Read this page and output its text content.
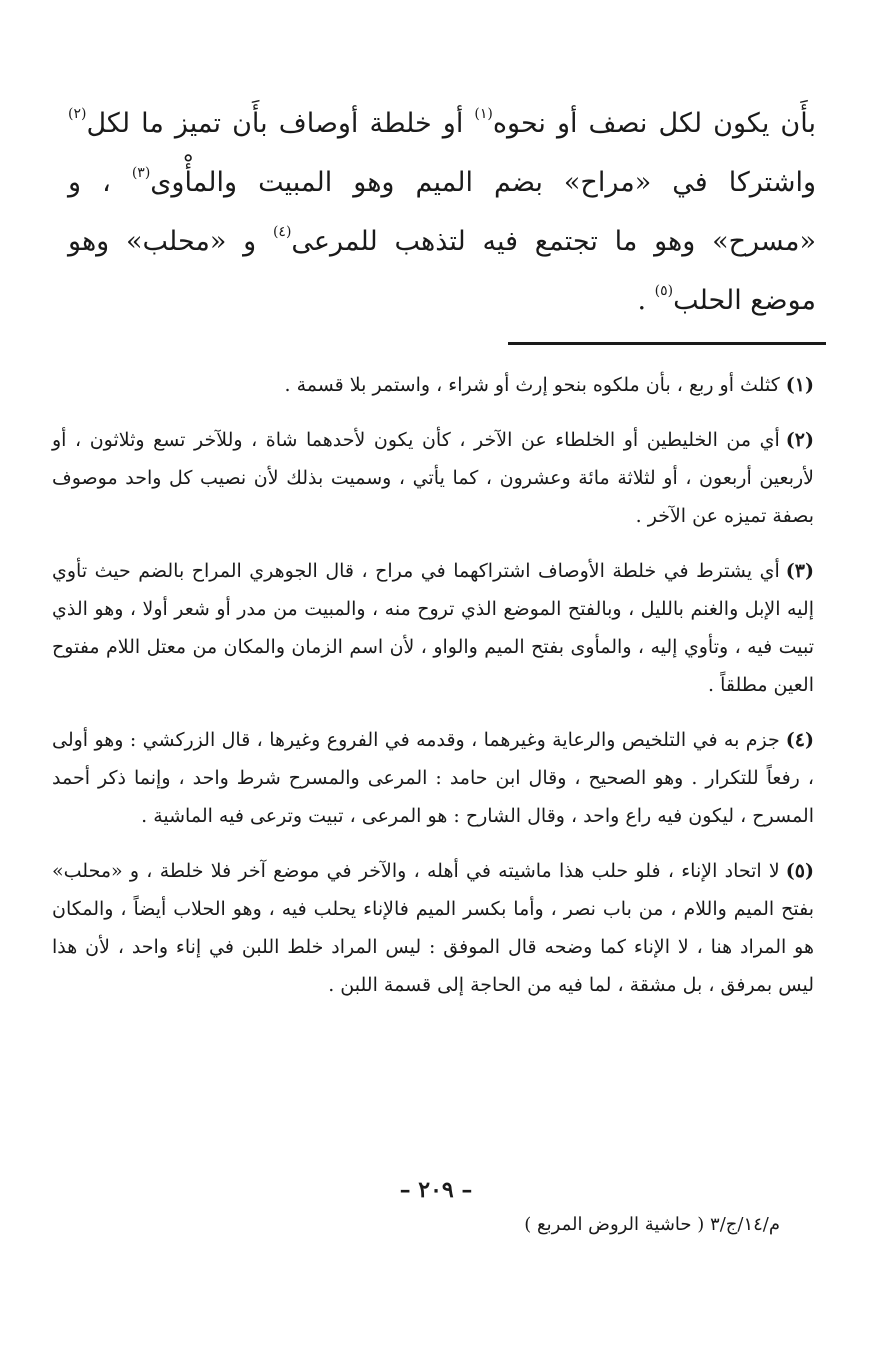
بأَن يكون لكل نصف أو نحوه$^{(١)}$ أو خلطة أوصاف بأَن تميز ما لكل$^{(٢)}$ واشتركا في «مراح» بضم الميم وهو المبيت والمأْوى$^{(٣)}$ ، و «مسرح» وهو ما تجتمع فيه لتذهب للمرعى$^{(٤)}$ و «محلب» وهو موضع الحلب$^{(٥)}$ .

(١)كثلث أو ربع ، بأن ملكوه بنحو إرث أو شراء ، واستمر بلا قسمة .

(٢)أي من الخليطين أو الخلطاء عن الآخر ، كأن يكون لأحدهما شاة ، وللآخر تسع وثلاثون ، أو لأربعين أربعون ، أو لثلاثة مائة وعشرون ، كما يأتي ، وسميت بذلك لأن نصيب كل واحد موصوف بصفة تميزه عن الآخر .

(٣)أي يشترط في خلطة الأوصاف اشتراكهما في مراح ، قال الجوهري المراح بالضم حيث تأوي إليه الإبل والغنم بالليل ، وبالفتح الموضع الذي تروح منه ، والمبيت من مدر أو شعر أولا ، وهو الذي تبيت فيه ، وتأوي إليه ، والمأوى بفتح الميم والواو ، لأن اسم الزمان والمكان من معتل اللام مفتوح العين مطلقاً .

(٤)جزم به في التلخيص والرعاية وغيرهما ، وقدمه في الفروع وغيرها ، قال الزركشي : وهو أولى ، رفعاً للتكرار . وهو الصحيح ، وقال ابن حامد : المرعى والمسرح شرط واحد ، وإنما ذكر أحمد المسرح ، ليكون فيه راع واحد ، وقال الشارح : هو المرعى ، تبيت وترعى فيه الماشية .

(٥)لا اتحاد الإناء ، فلو حلب هذا ماشيته في أهله ، والآخر في موضع آخر فلا خلطة ، و «محلب» بفتح الميم واللام ، من باب نصر ، وأما بكسر الميم فالإناء يحلب فيه ، وهو الحلاب أيضاً ، والمكان هو المراد هنا ، لا الإناء كما وضحه قال الموفق : ليس المراد خلط اللبن في إناء واحد ، لأن هذا ليس بمرفق ، بل مشقة ، لما فيه من الحاجة إلى قسمة اللبن .

– ٢٠٩ –
م/١٤/ج/٣ ( حاشية الروض المربع )
